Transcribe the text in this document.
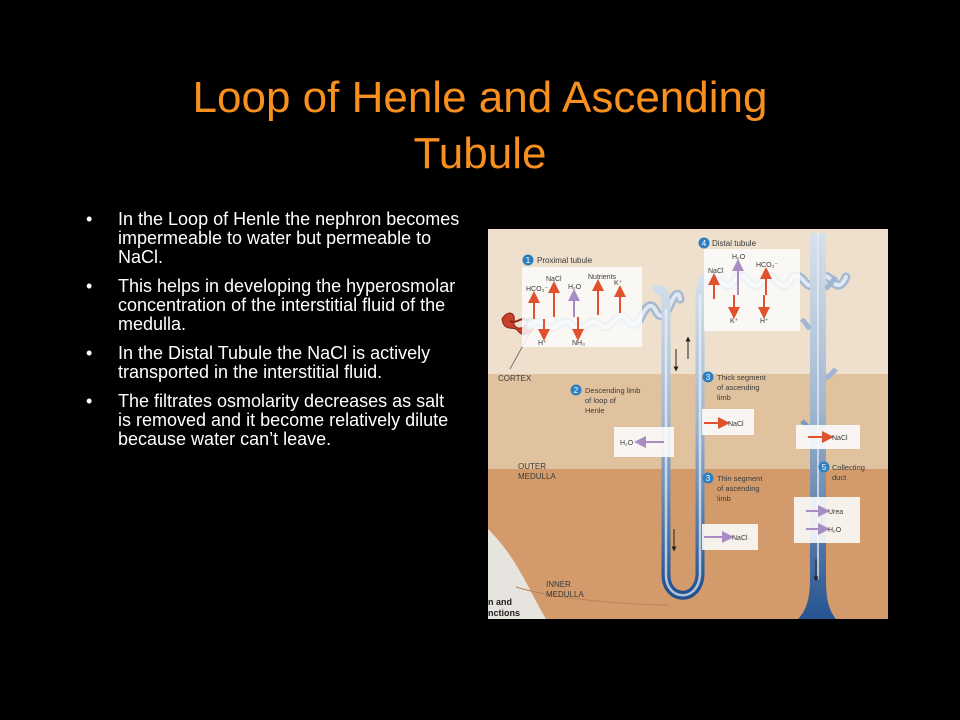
Loop of Henle and Ascending
Tubule
• In the Loop of Henle the nephron becomes impermeable to water but permeable to NaCl.
• This helps in developing the hyperosmolar concentration of the interstitial fluid of the medulla.
• In the Distal Tubule the NaCl is actively transported in the interstitial fluid.
• The filtrates osmolarity decreases as salt is removed and it become relatively dilute because water can’t leave.
CORTEX
OUTER
MEDULLA
INNER
MEDULLA
n and
nctions
1 Proximal tubule
HCO₃⁻
NaCl
H₂O
Nutrients
K⁺
H⁺	NH₃
4 Distal tubule
NaCl
H₂O
HCO₃⁻
K⁺	H⁺
2 Descending limb
of loop of
Henle
H₂O
3 Thick segment
of ascending
limb
NaCl
NaCl
3 Thin segment
of ascending
limb
NaCl
5 Collecting
duct
Urea
H₂O
